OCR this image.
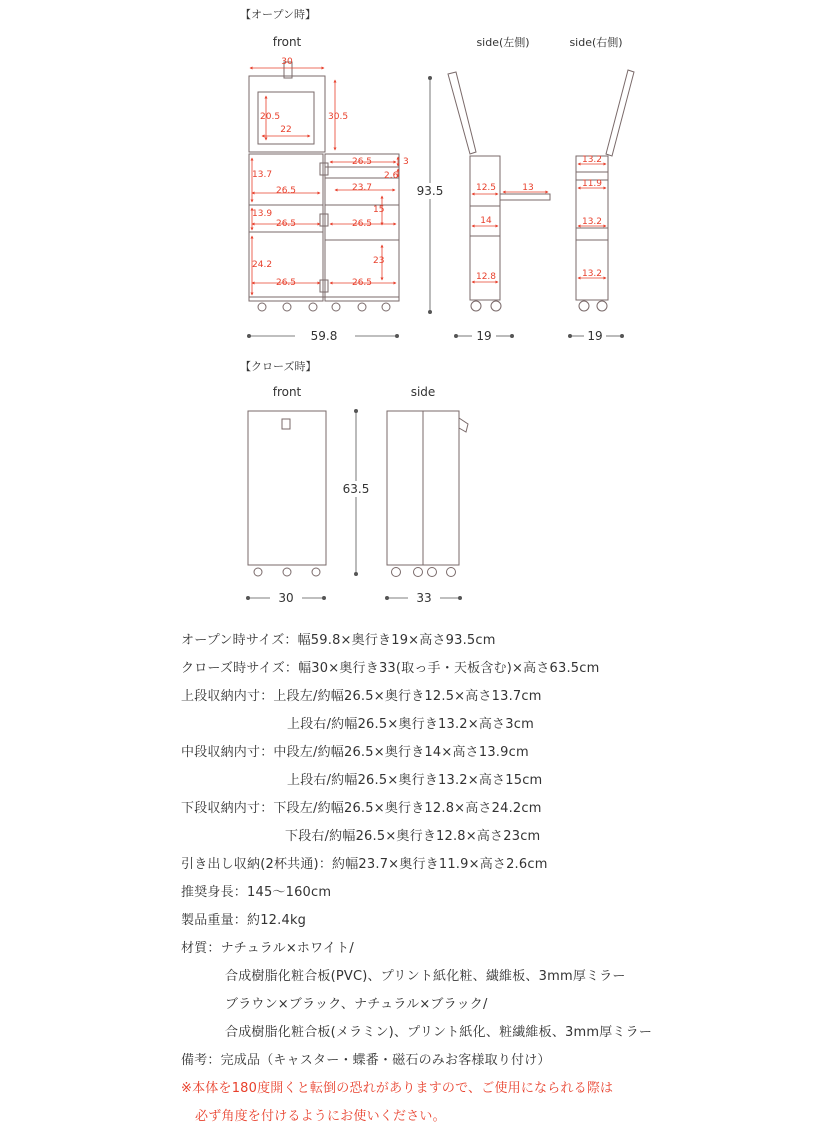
【オープン時】
front	side(左側)	side(右側)
30
20.5
22
30.5
13.7
26.5
26.5	3
2.6
23.7
13.9
26.5
15
26.5
24.2
26.5
23
26.5
93.5
59.8
12.5	13
14
12.8
19
13.2
11.9
13.2
13.2
19
【クローズ時】
front	side
63.5
30	33
オープン時サイズ：幅59.8×奥行き19×高さ93.5cm
クローズ時サイズ：幅30×奥行き33(取っ手・天板含む)×高さ63.5cm
上段収納内寸：上段左/約幅26.5×奥行き12.5×高さ13.7cm
上段右/約幅26.5×奥行き13.2×高さ3cm
中段収納内寸：中段左/約幅26.5×奥行き14×高さ13.9cm
上段右/約幅26.5×奥行き13.2×高さ15cm
下段収納内寸：下段左/約幅26.5×奥行き12.8×高さ24.2cm
下段右/約幅26.5×奥行き12.8×高さ23cm
引き出し収納(2杯共通)：約幅23.7×奥行き11.9×高さ2.6cm
推奨身長：145〜160cm
製品重量：約12.4kg
材質：ナチュラル×ホワイト/
合成樹脂化粧合板(PVC)、プリント紙化粧、繊維板、3mm厚ミラー
ブラウン×ブラック、ナチュラル×ブラック/
合成樹脂化粧合板(メラミン)、プリント紙化、粧繊維板、3mm厚ミラー
備考：完成品（キャスター・蝶番・磁石のみお客様取り付け）
※本体を180度開くと転倒の恐れがありますので、ご使用になられる際は
必ず角度を付けるようにお使いください。
